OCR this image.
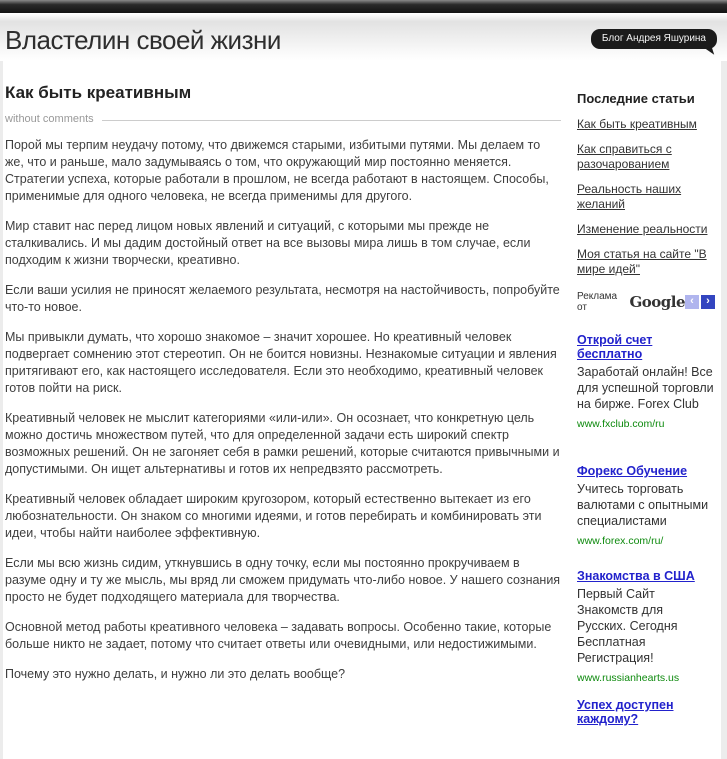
Властелин своей жизни	Блог Андрея Яшурина
Как быть креативным
without comments

Порой мы терпим неудачу потому, что движемся старыми, избитыми путями. Мы делаем то же, что и раньше, мало задумываясь о том, что окружающий мир постоянно меняется. Стратегии успеха, которые работали в прошлом, не всегда работают в настоящем. Способы, применимые для одного человека, не всегда применимы для другого.

Мир ставит нас перед лицом новых явлений и ситуаций, с которыми мы прежде не сталкивались. И мы дадим достойный ответ на все вызовы мира лишь в том случае, если подходим к жизни творчески, креативно.

Если ваши усилия не приносят желаемого результата, несмотря на настойчивость, попробуйте что-то новое.

Мы привыкли думать, что хорошо знакомое – значит хорошее. Но креативный человек подвергает сомнению этот стереотип. Он не боится новизны. Незнакомые ситуации и явления притягивают его, как настоящего исследователя. Если это необходимо, креативный человек готов пойти на риск.

Креативный человек не мыслит категориями «или-или». Он осознает, что конкретную цель можно достичь множеством путей, что для определенной задачи есть широкий спектр возможных решений. Он не загоняет себя в рамки решений, которые считаются привычными и допустимыми. Он ищет альтернативы и готов их непредвзято рассмотреть.

Креативный человек обладает широким кругозором, который естественно вытекает из его любознательности. Он знаком со многими идеями, и готов перебирать и комбинировать эти идеи, чтобы найти наиболее эффективную.

Если мы всю жизнь сидим, уткнувшись в одну точку, если мы постоянно прокручиваем в разуме одну и ту же мысль, мы вряд ли сможем придумать что-либо новое. У нашего сознания просто не будет подходящего материала для творчества.

Основной метод работы креативного человека – задавать вопросы. Особенно такие, которые больше никто не задает, потому что считает ответы или очевидными, или недостижимыми.

Почему это нужно делать, и нужно ли это делать вообще?

Последние статьи
Как быть креативным
Как справиться с разочарованием
Реальность наших желаний
Изменение реальности
Моя статья на сайте "В мире идей"
Реклама от	Google ‹	›
Открой счет бесплатно
Заработай онлайн! Все для успешной торговли на бирже. Forex Club
www.fxclub.com/ru
Форекс Обучение
Учитесь торговать валютами с опытными специалистами
www.forex.com/ru/
Знакомства в США
Первый Сайт Знакомств для Русских. Сегодня Бесплатная Регистрация!
www.russianhearts.us
Успех доступен каждому?
